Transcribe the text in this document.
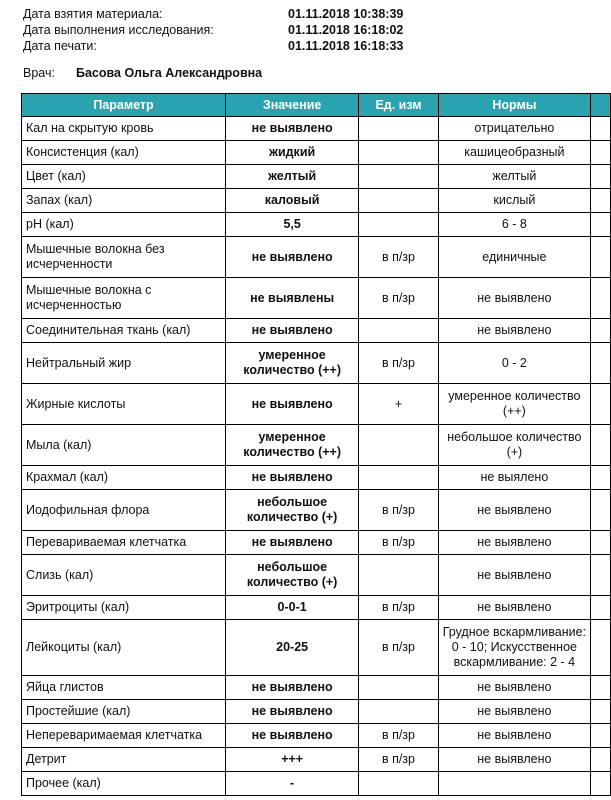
Дата взятия материала:	01.11.2018 10:38:39
Дата выполнения исследования:	01.11.2018 16:18:02
Дата печати:	01.11.2018 16:18:33
Врач:	Басова Ольга Александровна
Параметр	Значение	Ед. изм	Нормы	
Кал на скрытую кровь	не выявлено		отрицательно	
Консистенция (кал)	жидкий		кашицеобразный	
Цвет (кал)	желтый		желтый	
Запах (кал)	каловый		кислый	
pH (кал)	5,5		6 - 8	
Мышечные волокна без исчерченности	не выявлено	в п/зр	единичные	
Мышечные волокна с исчерченностью	не выявлены	в п/зр	не выявлено	
Соединительная ткань (кал)	не выявлено		не выявлено	
Нейтральный жир	умеренное количество (++)	в п/зр	0 - 2	
Жирные кислоты	не выявлено	+	умеренное количество (++)	
Мыла (кал)	умеренное количество (++)		небольшое количество (+)	
Крахмал (кал)	не выявлено		не выялено	
Иодофильная флора	небольшое количество (+)	в п/зр	не выявлено	
Перевариваемая клетчатка	не выявлено	в п/зр	не выявлено	
Слизь (кал)	небольшое количество (+)		не выявлено	
Эритроциты (кал)	0-0-1	в п/зр	не выявлено	
Лейкоциты (кал)	20-25	в п/зр	Грудное вскармливание: 0 - 10; Искусственное вскармливание: 2 - 4	
Яйца глистов	не выявлено		не выявлено	
Простейшие (кал)	не выявлено		не выявлено	
Непереваримаемая клетчатка	не выявлено	в п/зр	не выявлено	
Детрит	+++	в п/зр	не выявлено	
Прочее (кал)	-			
